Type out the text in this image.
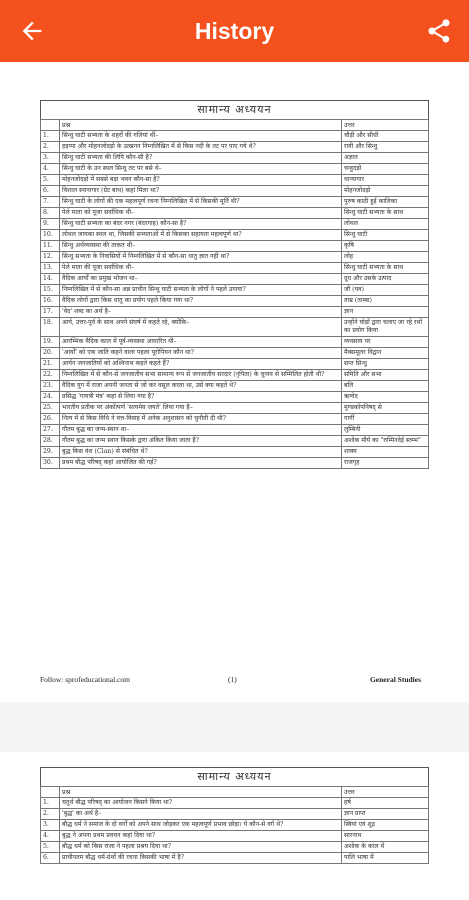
History
सामान्य अध्ययन
	प्रश्न	उत्तर
1.	सिन्धु घाटी सभ्यता के शहरों की गलियां थीं–	चौड़ी और सीधी
2.	हड़प्पा और मोहनजोदड़ो के उत्खनन निम्नलिखित में से किस नदी के तट पर पाए गये थे?	रावी और सिन्धु
3.	सिन्धु घाटी सभ्यता की लिपि कौन-सी है?	अज्ञात
4.	सिन्धु घाटी के उन स्थल सिन्धु तट पर बसे थे–	चन्हुदड़ो
5.	मोहनजोदड़ो में सबसे बड़ा भवन कौन-सा है?	धान्यागार
6.	विशाल स्नानागार (ग्रेट बाथ) कहां मिला था?	मोहनजोदड़ो
7.	सिन्धु घाटी के लोगों की एक महत्वपूर्ण रचना निम्नलिखित में से किसकी मूर्ति थी?	पुरुष काठी हुई कालिका
8.	पेले माता को पूजा सर्वाधिक थी–	सिन्धु घाटी सभ्यता के साथ
9.	सिन्धु घाटी सभ्यता का बंदर नगर (बंदरगाह) कौन-सा है?	लोथल
10.	लोथल जायका स्थल था, जिसकी सभ्यताओं में से किसका सहायता महत्वपूर्ण था?	सिन्धु घाटी
11.	सिन्धु अर्थव्यवस्था की ताकत थी–	कृषि
12.	सिन्धु सभ्यता के निवासियों में निम्नलिखित में से कौन-सा धातु ज्ञात नहीं था?	लोह
13.	पेले माता की पूजा सर्वाधिक थी–	सिन्धु घाटी सभ्यता के साथ
14.	वैदिक आर्यों का प्रमुख भोजन था–	दूध और उसके उत्पाद
15.	निम्नलिखित में से कौन-सा अन्न प्राचीन सिन्धु घाटी सभ्यता के लोगों ने पहले उगाया?	जौ (यव)
16.	वैदिक लोगों द्वारा किस धातु का प्रयोग पहले किया गया था?	ताम्र (ताम्बा)
17.	'वेद' शब्द का अर्थ है–	ज्ञान
18.	आर्य, उत्तर-पूर्व के साथ अपने संघर्ष में कहते रहे, क्योंकि–	उन्होंने घोड़ों द्वारा चलाए जा रहे रथों का प्रयोग किया
19.	आरम्भिक वैदिक काल में पूर्व-व्यवस्था आधारित थी–	व्यवसाय पर
20.	'आर्यों' को एक जाति कहने वाला पहला यूरोपियन कौन था?	मैक्समूलर विद्वान
21.	आर्यन जनजातियों को अश्विनाथ कहते कहते हैं?	सप्त सिन्धु
22.	निम्नलिखित में से कौन-से जनजातीय सभा सामान्य रूप से जनजातीय सरदार (नृपिता) के चुनाव से सम्मिलित होती थी?	समिति और सभा
23.	वैदिक युग में राजा अपनी जनता से जो कर वसूल करता था, उसे क्या कहते थे?	बलि
24.	प्रसिद्ध 'गायत्री मंत्र' कहां से लिया गया है?	ऋग्वेद
25.	भारतीय प्रतीक पर अंकोंत्पर्ण 'सत्यमेव जयते' लिया गया है–	मुण्डकोपनिषद् से
26.	नित्य में से किस विधि ने वत्त-विवाह में अनेक अनुशासन को चुनौती दी थी?	गार्गी
27.	गौतम बुद्ध का जन्म-स्थान था–	लुम्बिनी
28.	गौतम बुद्ध का जन्म स्थान किसके द्वारा अंकित किया जाता है?	अशोक मौर्य का "रुम्मिनदेई स्तम्भ"
29.	बुद्ध किस वंश (Clan) से संबंधित थे?	शाक्य
30.	प्रथम बौद्ध परिषद् कहां आयोजित की गई?	राजगृह
Follow: sprofeducational.com	(1)	General Studies
सामान्य अध्ययन
	प्रश्न	उत्तर
1.	चतुर्थ बौद्ध परिषद् का आयोजन किसने किया था?	हर्ष
2.	'बुद्ध' का अर्थ है–	ज्ञान प्राप्त
3.	बौद्ध धर्म ने समाज के दो वर्गों को अपने साथ जोड़कर एक महत्वपूर्ण प्रभाव छोड़ा। ये कौन-से वर्ग थे?	स्त्रियां एवं शूद्र
4.	बुद्ध ने अपना प्रथम प्रवचन कहां दिया था?	सारनाथ
5.	बौद्ध धर्म को किस राजा ने पहला प्रश्रय दिया था?	अशोक के काल में
6.	प्राचीनतम बौद्ध धर्म-ग्रंथों की रचना किसकी भाषा में है?	पालि भाषा में
